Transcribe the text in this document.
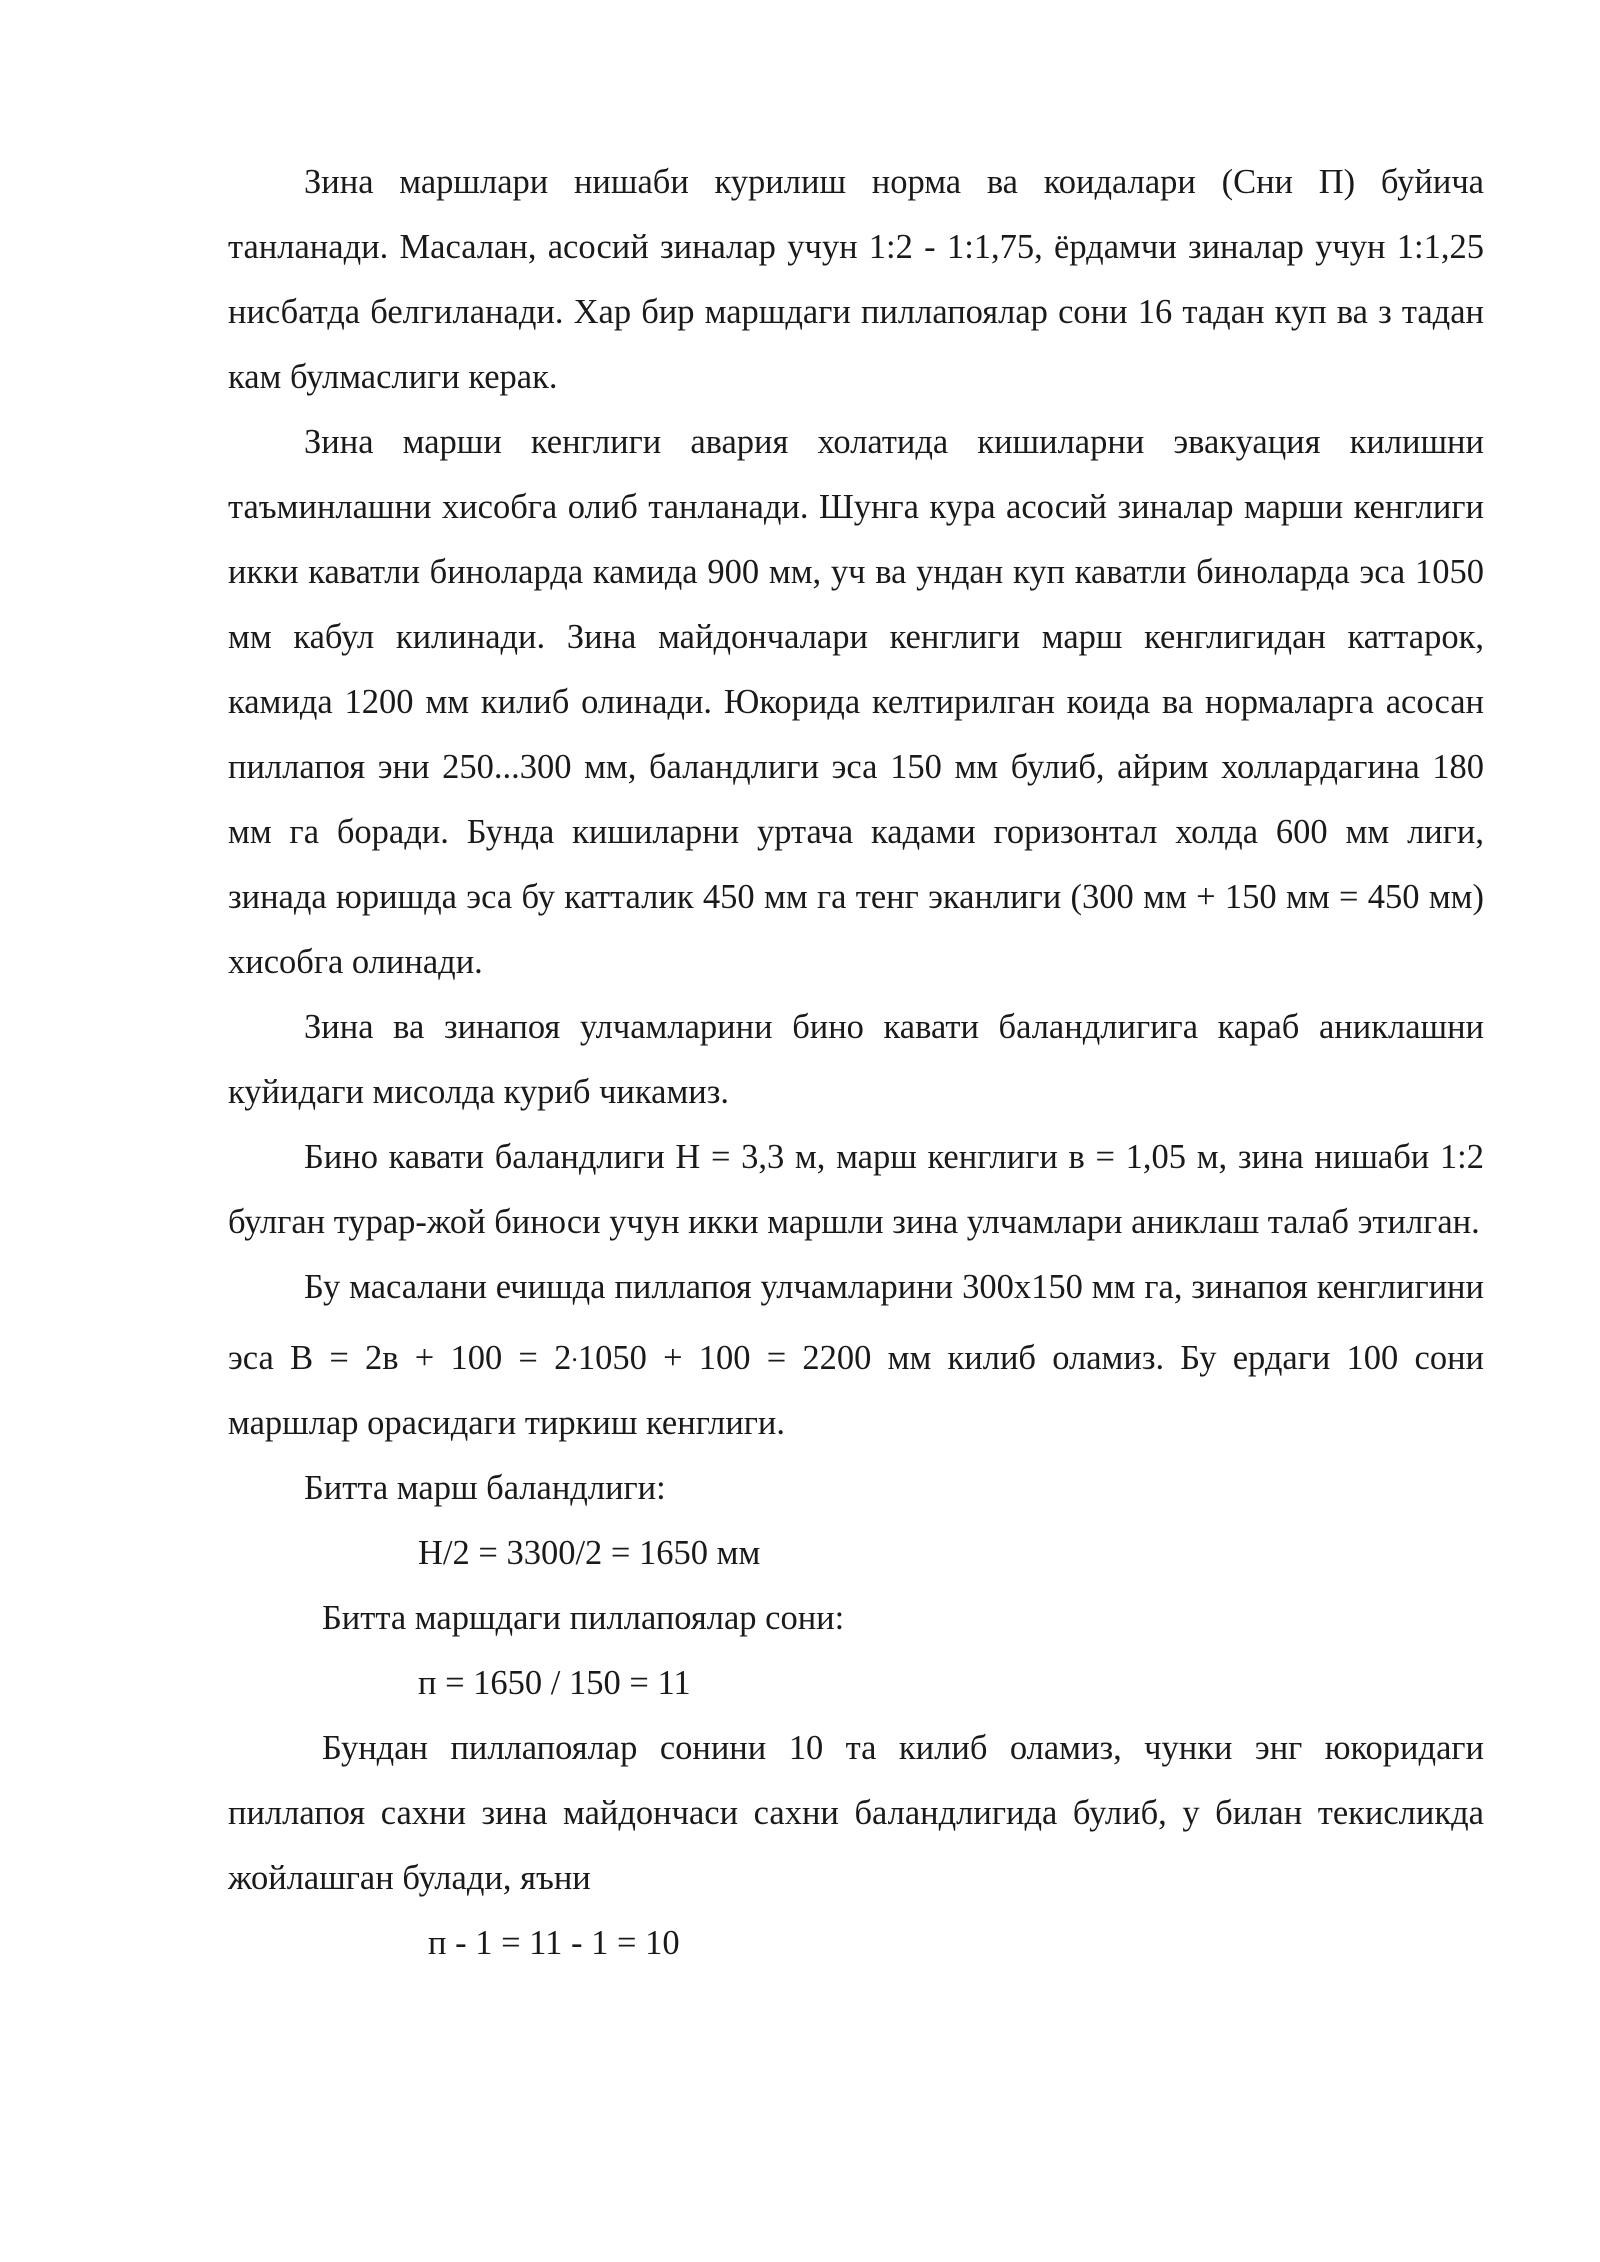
Зина маршлари нишаби курилиш норма ва коидалари (Сни П) буйича танланади. Масалан, асосий зиналар учун 1:2 - 1:1,75, ёрдамчи зиналар учун 1:1,25 нисбатда белгиланади. Хар бир маршдаги пиллапоялар сони 16 тадан куп ва з тадан кам булмаслиги керак.

Зина марши кенглиги авария холатида кишиларни эвакуация килишни таъминлашни хисобга олиб танланади. Шунга кура асосий зиналар марши кенглиги икки каватли биноларда камида 900 мм, уч ва ундан куп каватли биноларда эса 1050 мм кабул килинади. Зина майдончалари кенглиги марш кенглигидан каттарок, камида 1200 мм килиб олинади. Юкорида келтирилган коида ва нормаларга асосан пиллапоя эни 250...300 мм, баландлиги эса 150 мм булиб, айрим холлардагина 180 мм га боради. Бунда кишиларни уртача кадами горизонтал холда 600 мм лиги, зинада юришда эса бу катталик 450 мм га тенг эканлиги (300 мм + 150 мм = 450 мм) хисобга олинади.

Зина ва зинапоя улчамларини бино кавати баландлигига караб аниклашни куйидаги мисолда куриб чикамиз.

Бино кавати баландлиги Н = 3,3 м, марш кенглиги в = 1,05 м, зина нишаби 1:2 булган турар-жой биноси учун икки маршли зина улчамлари аниклаш талаб этилган.

Бу масалани ечишда пиллапоя улчамларини 300х150 мм га, зинапоя кенглигини эса В = 2в + 100 = 2.1050 + 100 = 2200 мм килиб оламиз. Бу ердаги 100 сони маршлар орасидаги тиркиш кенглиги.

Битта марш баландлиги:

Н/2 = 3300/2 = 1650 мм

Битта маршдаги пиллапоялар сони:

п = 1650 / 150 = 11

Бундан пиллапоялар сонини 10 та килиб оламиз, чунки энг юкоридаги пиллапоя сахни зина майдончаси сахни баландлигида булиб, у билан текисликда жойлашган булади, яъни

п - 1 = 11 - 1 = 10
